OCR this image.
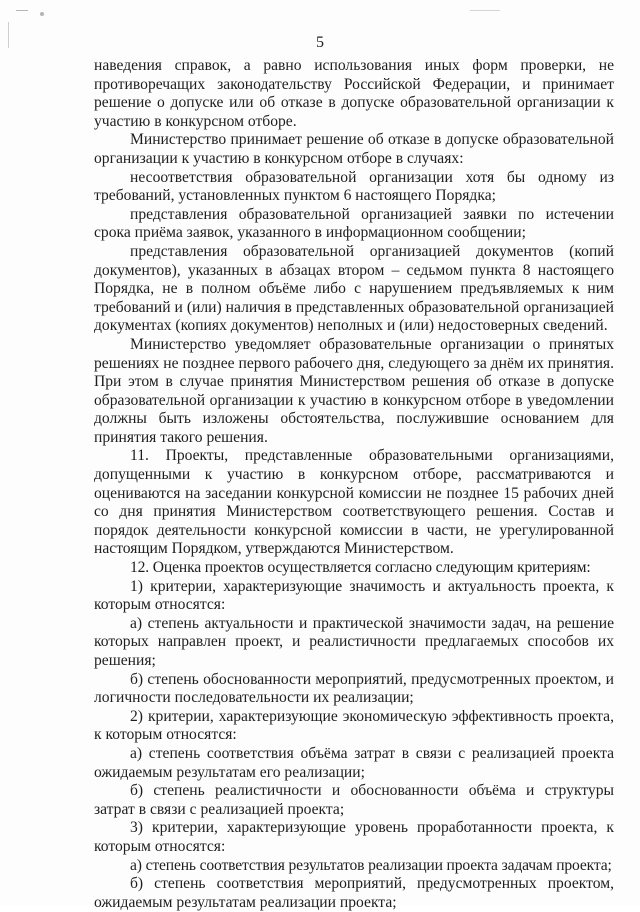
5

наведения справок, а равно использования иных форм проверки, не противоречащих законодательству Российской Федерации, и принимает решение о допуске или об отказе в допуске образовательной организации к участию в конкурсном отборе.

Министерство принимает решение об отказе в допуске образовательной организации к участию в конкурсном отборе в случаях:

несоответствия образовательной организации хотя бы одному из требований, установленных пунктом 6 настоящего Порядка;

представления образовательной организацией заявки по истечении срока приёма заявок, указанного в информационном сообщении;

представления образовательной организацией документов (копий документов), указанных в абзацах втором – седьмом пункта 8 настоящего Порядка, не в полном объёме либо с нарушением предъявляемых к ним требований и (или) наличия в представленных образовательной организацией документах (копиях документов) неполных и (или) недостоверных сведений.

Министерство уведомляет образовательные организации о принятых решениях не позднее первого рабочего дня, следующего за днём их принятия. При этом в случае принятия Министерством решения об отказе в допуске образовательной организации к участию в конкурсном отборе в уведомлении должны быть изложены обстоятельства, послужившие основанием для принятия такого решения.

11. Проекты, представленные образовательными организациями, допущенными к участию в конкурсном отборе, рассматриваются и оцениваются на заседании конкурсной комиссии не позднее 15 рабочих дней со дня принятия Министерством соответствующего решения. Состав и порядок деятельности конкурсной комиссии в части, не урегулированной настоящим Порядком, утверждаются Министерством.

12. Оценка проектов осуществляется согласно следующим критериям:

1) критерии, характеризующие значимость и актуальность проекта, к которым относятся:

а) степень актуальности и практической значимости задач, на решение которых направлен проект, и реалистичности предлагаемых способов их решения;

б) степень обоснованности мероприятий, предусмотренных проектом, и логичности последовательности их реализации;

2) критерии, характеризующие экономическую эффективность проекта, к которым относятся:

а) степень соответствия объёма затрат в связи с реализацией проекта ожидаемым результатам его реализации;

б) степень реалистичности и обоснованности объёма и структуры затрат в связи с реализацией проекта;

3) критерии, характеризующие уровень проработанности проекта, к которым относятся:

а) степень соответствия результатов реализации проекта задачам проекта;

б) степень соответствия мероприятий, предусмотренных проектом, ожидаемым результатам реализации проекта;
